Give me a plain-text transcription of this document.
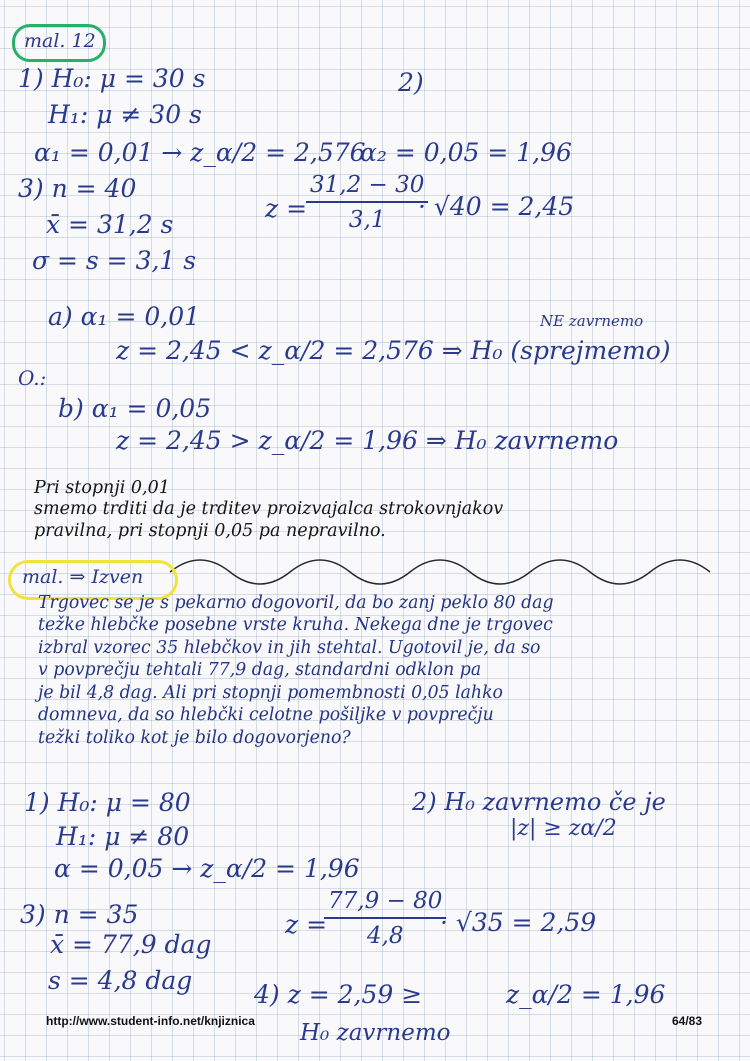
mal. 12
1) H₀: μ = 30 s
H₁: μ ≠ 30 s
2)
α₁ = 0,01 → z_α/2 = 2,576
α₂ = 0,05 = 1,96
3) n = 40
x̄ = 31,2 s
σ = s = 3,1 s
z =
$\frac{31,2 - 30}{3,1}$
· √40 = 2,45
a) α₁ = 0,01	NE zavrnemo
z = 2,45 < z_α/2 = 2,576 ⇒ H₀ (sprejmemo)
O.:
b) α₁ = 0,05
z = 2,45 > z_α/2 = 1,96 ⇒ H₀ zavrnemo
Pri stopnji 0,01
smemo trditi da je trditev proizvajalca strokovnjakov
pravilna, pri stopnji 0,05 pa nepravilno.
mal. ⇒ Izven
Trgovec se je s pekarno dogovoril, da bo zanj peklo 80 dag
težke hlebčke posebne vrste kruha. Nekega dne je trgovec
izbral vzorec 35 hlebčkov in jih stehtal. Ugotovil je, da so
v povprečju tehtali 77,9 dag, standardni odklon pa
je bil 4,8 dag. Ali pri stopnji pomembnosti 0,05 lahko
domneva, da so hlebčki celotne pošiljke v povprečju
težki toliko kot je bilo dogovorjeno?
1) H₀: μ = 80
H₁: μ ≠ 80
2) H₀ zavrnemo če je
|z| ≥ zα/2
α = 0,05 → z_α/2 = 1,96
3) n = 35
x̄ = 77,9 dag
s = 4,8 dag
z =
$\frac{77,9 - 80}{4,8}$
· √35 = 2,59
4) z = 2,59 ≥	z_α/2 = 1,96
H₀ zavrnemo
http://www.student-info.net/knjiznica	64/83
